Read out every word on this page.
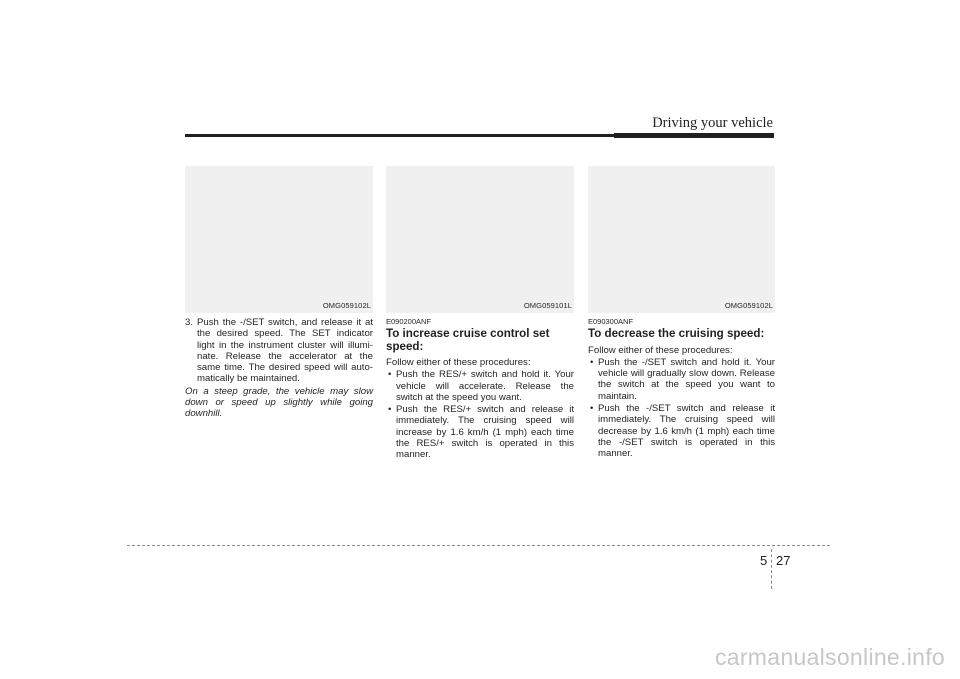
Driving your vehicle
OMG059102L

3. Push the -/SET switch, and release it at the desired speed. The SET indicator light in the instrument cluster will illumi-nate. Release the accelerator at the same time. The desired speed will auto-matically be maintained.

On a steep grade, the vehicle may slow down or speed up slightly while going downhill.

OMG059101L
E090200ANF
To increase cruise control set speed:

Follow either of these procedures:

• Push the RES/+ switch and hold it. Your vehicle will accelerate. Release the switch at the speed you want.
• Push the RES/+ switch and release it immediately. The cruising speed will increase by 1.6 km/h (1 mph) each time the RES/+ switch is operated in this manner.
OMG059102L
E090300ANF
To decrease the cruising speed:

Follow either of these procedures:

• Push the -/SET switch and hold it. Your vehicle will gradually slow down. Release the switch at the speed you want to maintain.
• Push the -/SET switch and release it immediately. The cruising speed will decrease by 1.6 km/h (1 mph) each time the -/SET switch is operated in this manner.
5 27
carmanualsonline.info
